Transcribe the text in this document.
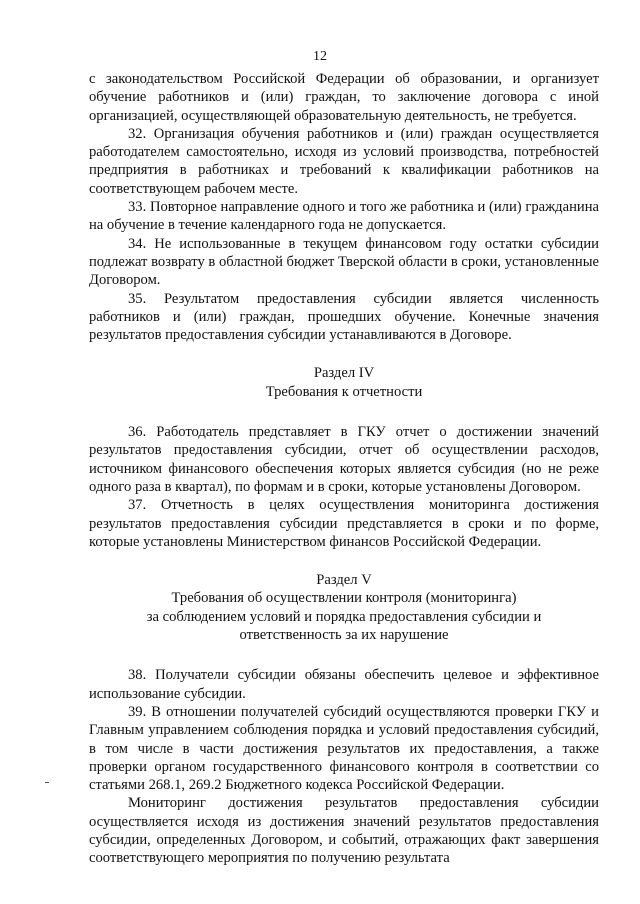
12

с законодательством Российской Федерации об образовании, и организует обучение работников и (или) граждан, то заключение договора с иной организацией, осуществляющей образовательную деятельность, не требуется.

32. Организация обучения работников и (или) граждан осуществляется работодателем самостоятельно, исходя из условий производства, потребностей предприятия в работниках и требований к квалификации работников на соответствующем рабочем месте.

33. Повторное направление одного и того же работника и (или) гражданина на обучение в течение календарного года не допускается.

34. Не использованные в текущем финансовом году остатки субсидии подлежат возврату в областной бюджет Тверской области в сроки, установленные Договором.

35. Результатом предоставления субсидии является численность работников и (или) граждан, прошедших обучение. Конечные значения результатов предоставления субсидии устанавливаются в Договоре.

Раздел IV
Требования к отчетности

36. Работодатель представляет в ГКУ отчет о достижении значений результатов предоставления субсидии, отчет об осуществлении расходов, источником финансового обеспечения которых является субсидия (но не реже одного раза в квартал), по формам и в сроки, которые установлены Договором.

37. Отчетность в целях осуществления мониторинга достижения результатов предоставления субсидии представляется в сроки и по форме, которые установлены Министерством финансов Российской Федерации.

Раздел V
Требования об осуществлении контроля (мониторинга)
за соблюдением условий и порядка предоставления субсидии и
ответственность за их нарушение

38. Получатели субсидии обязаны обеспечить целевое и эффективное использование субсидии.

39. В отношении получателей субсидий осуществляются проверки ГКУ и Главным управлением соблюдения порядка и условий предоставления субсидий, в том числе в части достижения результатов их предоставления, а также проверки органом государственного финансового контроля в соответствии со статьями 268.1, 269.2 Бюджетного кодекса Российской Федерации.

Мониторинг достижения результатов предоставления субсидии осуществляется исходя из достижения значений результатов предоставления субсидии, определенных Договором, и событий, отражающих факт завершения соответствующего мероприятия по получению результата
